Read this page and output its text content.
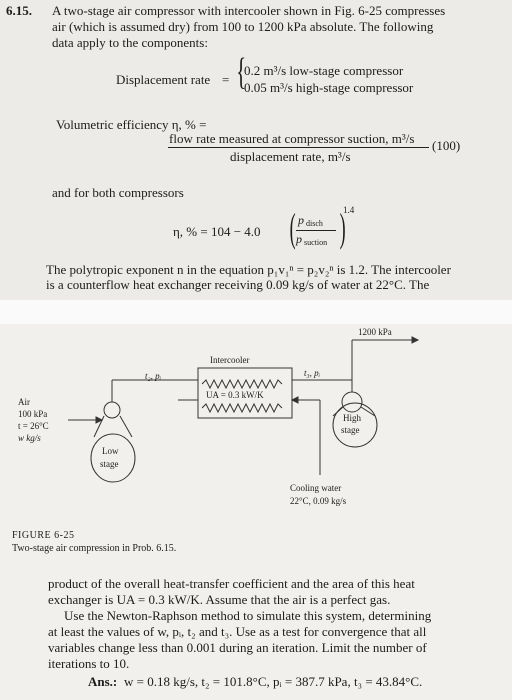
6.15. A two-stage air compressor with intercooler shown in Fig. 6-25 compresses
air (which is assumed dry) from 100 to 1200 kPa absolute. The following
data apply to the components:
Displacement rate = {
0.2 m³/s low-stage compressor
0.05 m³/s high-stage compressor
Volumetric efficiency η, % =
flow rate measured at compressor suction, m³/s
displacement rate, m³/s
(100)
and for both compressors
η, % = 104 − 4.0 ( p disch
p suction )
1.4
The polytropic exponent n in the equation p₁v₁ⁿ = p₂v₂ⁿ is 1.2. The intercooler
is a counterflow heat exchanger receiving 0.09 kg/s of water at 22°C. The
1200 kPa
Intercooler
t₂, pᵢ	t₃, pᵢ
UA = 0.3 kW/K
Air
100 kPa
t = 26°C
w kg/s
Low
stage
High
stage
Cooling water
22°C, 0.09 kg/s
FIGURE 6-25
Two-stage air compression in Prob. 6.15.
product of the overall heat-transfer coefficient and the area of this heat
exchanger is UA = 0.3 kW/K. Assume that the air is a perfect gas.
Use the Newton-Raphson method to simulate this system, determining
at least the values of w, pᵢ, t₂ and t₃. Use as a test for convergence that all
variables change less than 0.001 during an iteration. Limit the number of
iterations to 10.
Ans.: w = 0.18 kg/s, t₂ = 101.8°C, pᵢ = 387.7 kPa, t₃ = 43.84°C.
